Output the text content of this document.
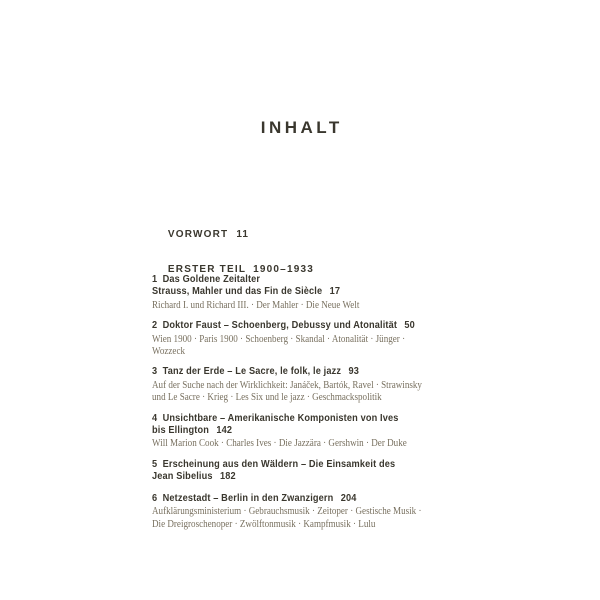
INHALT

VORWORT 11

ERSTER TEIL 1900–1933

1  Das Goldene Zeitalter
Strauss, Mahler und das Fin de Siècle 17
Richard I. und Richard III. · Der Mahler · Die Neue Welt
2  Doktor Faust – Schoenberg, Debussy und Atonalität 50
Wien 1900 · Paris 1900 · Schoenberg · Skandal · Atonalität · Jünger ·
Wozzeck
3  Tanz der Erde – Le Sacre, le folk, le jazz 93
Auf der Suche nach der Wirklichkeit: Janáček, Bartók, Ravel · Strawinsky
und Le Sacre · Krieg · Les Six und le jazz · Geschmackspolitik
4  Unsichtbare – Amerikanische Komponisten von Ives
bis Ellington 142
Will Marion Cook · Charles Ives · Die Jazzära · Gershwin · Der Duke
5  Erscheinung aus den Wäldern – Die Einsamkeit des
Jean Sibelius 182
6  Netzestadt – Berlin in den Zwanzigern 204
Aufklärungsministerium · Gebrauchsmusik · Zeitoper · Gestische Musik ·
Die Dreigroschenoper · Zwölftonmusik · Kampfmusik · Lulu
